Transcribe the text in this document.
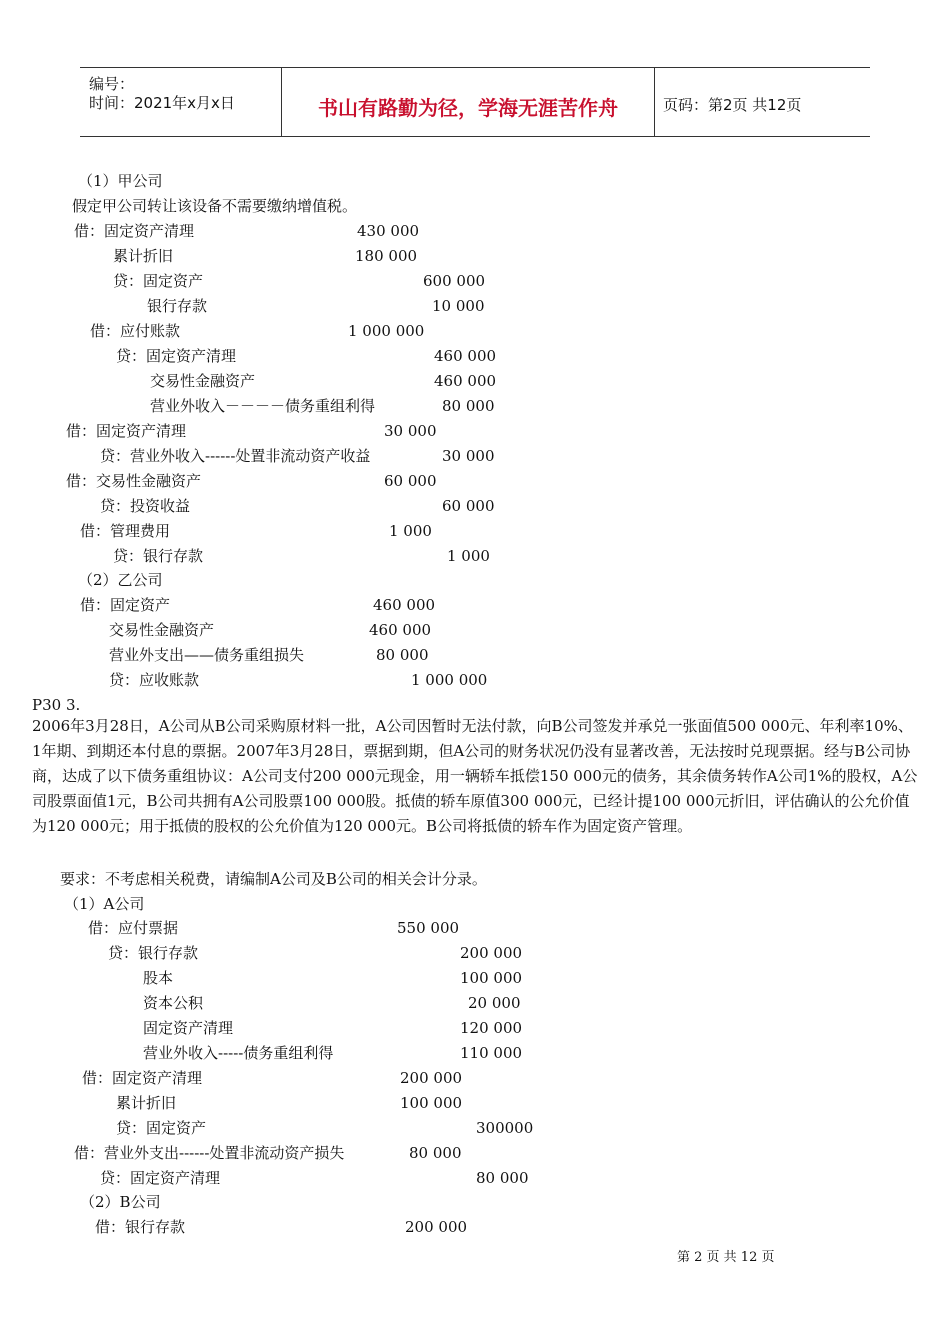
编号：
时间：2021年x月x日	书山有路勤为径，学海无涯苦作舟	页码：第2页 共12页
（1）甲公司
假定甲公司转让该设备不需要缴纳增值税。
借：固定资产清理	430 000
累计折旧	180 000
贷：固定资产	600 000
银行存款	10 000
借：应付账款	1 000 000
贷：固定资产清理	460 000
交易性金融资产	460 000
营业外收入－－－－债务重组利得	80 000
借：固定资产清理	30 000
贷：营业外收入------处置非流动资产收益	30 000
借：交易性金融资产	60 000
贷：投资收益	60 000
借：管理费用	1 000
贷：银行存款	1 000
（2）乙公司
借：固定资产	460 000
交易性金融资产	460 000
营业外支出——债务重组损失	80 000
贷：应收账款	1 000 000
P30 3.
2006年3月28日，A公司从B公司采购原材料一批，A公司因暂时无法付款，向B公司签发并承兑一张面值500 000元、年利率10%、1年期、到期还本付息的票据。2007年3月28日，票据到期，但A公司的财务状况仍没有显著改善，无法按时兑现票据。经与B公司协商，达成了以下债务重组协议：A公司支付200 000元现金，用一辆轿车抵偿150 000元的债务，其余债务转作A公司1%的股权，A公司股票面值1元，B公司共拥有A公司股票100 000股。抵债的轿车原值300 000元，已经计提100 000元折旧，评估确认的公允价值为120 000元；用于抵债的股权的公允价值为120 000元。B公司将抵债的轿车作为固定资产管理。
要求：不考虑相关税费，请编制A公司及B公司的相关会计分录。
（1）A公司
借：应付票据	550 000
贷：银行存款	200 000
股本	100 000
资本公积	20 000
固定资产清理	120 000
营业外收入-----债务重组利得	110 000
借：固定资产清理	200 000
累计折旧	100 000
贷：固定资产	300000
借：营业外支出------处置非流动资产损失	80 000
贷：固定资产清理	80 000
（2）B公司
借：银行存款	200 000
第 2 页 共 12 页
